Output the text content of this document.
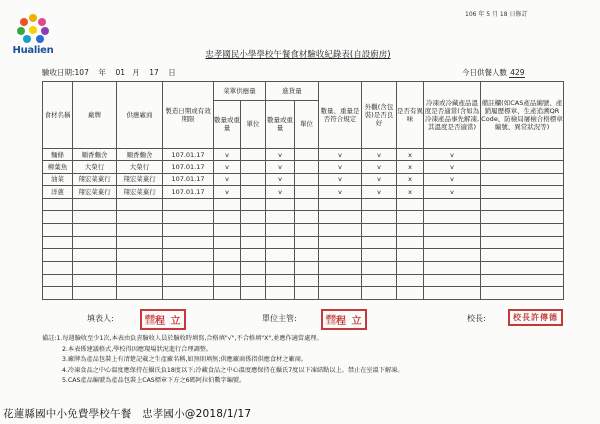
Hualien
106 年 5 月 18 日修訂
忠孝國民小學學校午餐食材驗收紀錄表(自設廚房)
驗收日期:107 年 01 月 17 日	今日供餐人數 429
食材名稱	廠牌	供應廠商	製造日期或有效期限	菜單供應量		進貨量		數量、重量是否符合規定	外觀(含包裝)是否良好	是否有異味	冷凍或冷藏產品溫度是否適當(含如為冷凍產品事先解凍,其溫度是否適當)	備註欄(如CAS產品編號、產銷履歷標章、生產追溯QR Code、防檢局屠檢合格標章編號、異常狀況等)
				數量或重量	單位	數量或重量	單位					
麵條	順香麵舍	順香麵舍	107.01.17	v		v		v	v	x	v	
柳葉魚	大榮行	大榮行	107.01.17	v		v		v	v	x	v	
油菜	翔宏菜菓行	翔宏菜菓行	107.01.17	v		v		v	v	x	v	
洋蔥	翔宏菜菓行	翔宏菜菓行	107.01.17	v		v		v	v	x	v	

填表人:	總務主任程 立	單位主管:	總務主任程 立	校長:	校長許傳德
備註:1.每週驗收至少1次,本表由負責驗收人員於驗收時填寫,合格填"√",不合格填"X",並應作適當處理。
2.本表係建議格式,學校得因應現場狀況進行合理調整。
3.廠牌為產品包裝上有清楚記載之生產廠名稱,如無則填無;供應廠商係指供應食材之廠商。
4.冷凍食品之中心溫度應保持在攝氏負18度以下;冷藏食品之中心溫度應保持在攝氏7度以下凍結點以上。禁止在室溫下解凍。
5.CAS產品編號為產品包裝上CAS標章下方之6碼阿拉伯數字編號。
花蓮縣國中小免費學校午餐　忠孝國小@2018/1/17
